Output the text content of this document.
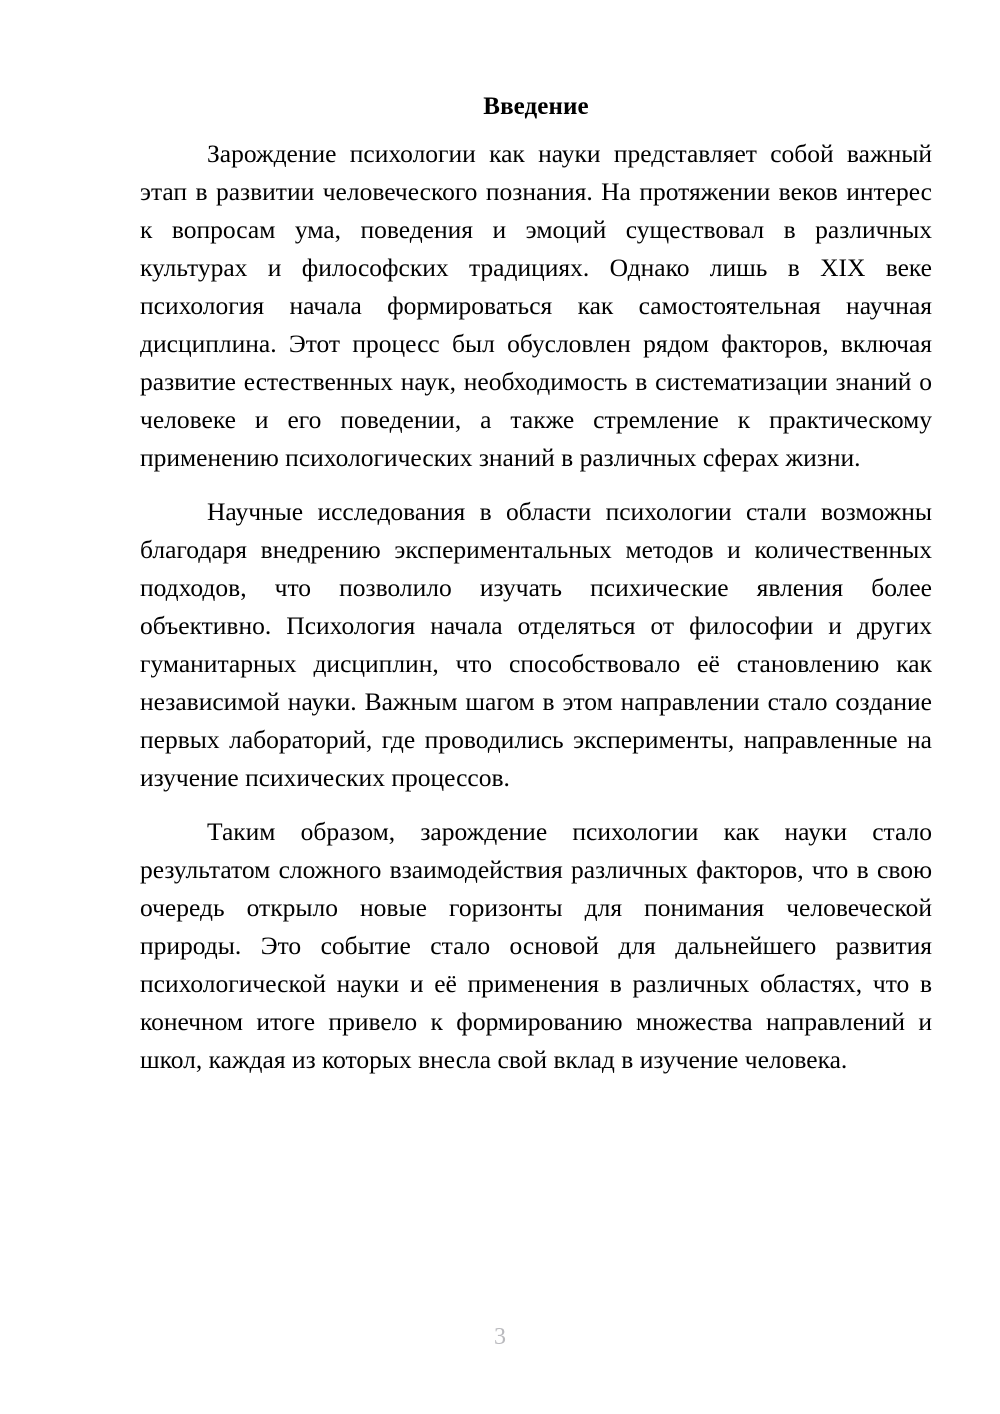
Введение

Зарождение психологии как науки представляет собой важный этап в развитии человеческого познания. На протяжении веков интерес к вопросам ума, поведения и эмоций существовал в различных культурах и философских традициях. Однако лишь в XIX веке психология начала формироваться как самостоятельная научная дисциплина. Этот процесс был обусловлен рядом факторов, включая развитие естественных наук, необходимость в систематизации знаний о человеке и его поведении, а также стремление к практическому применению психологических знаний в различных сферах жизни.

Научные исследования в области психологии стали возможны благодаря внедрению экспериментальных методов и количественных подходов, что позволило изучать психические явления более объективно. Психология начала отделяться от философии и других гуманитарных дисциплин, что способствовало её становлению как независимой науки. Важным шагом в этом направлении стало создание первых лабораторий, где проводились эксперименты, направленные на изучение психических процессов.

Таким образом, зарождение психологии как науки стало результатом сложного взаимодействия различных факторов, что в свою очередь открыло новые горизонты для понимания человеческой природы. Это событие стало основой для дальнейшего развития психологической науки и её применения в различных областях, что в конечном итоге привело к формированию множества направлений и школ, каждая из которых внесла свой вклад в изучение человека.

3
